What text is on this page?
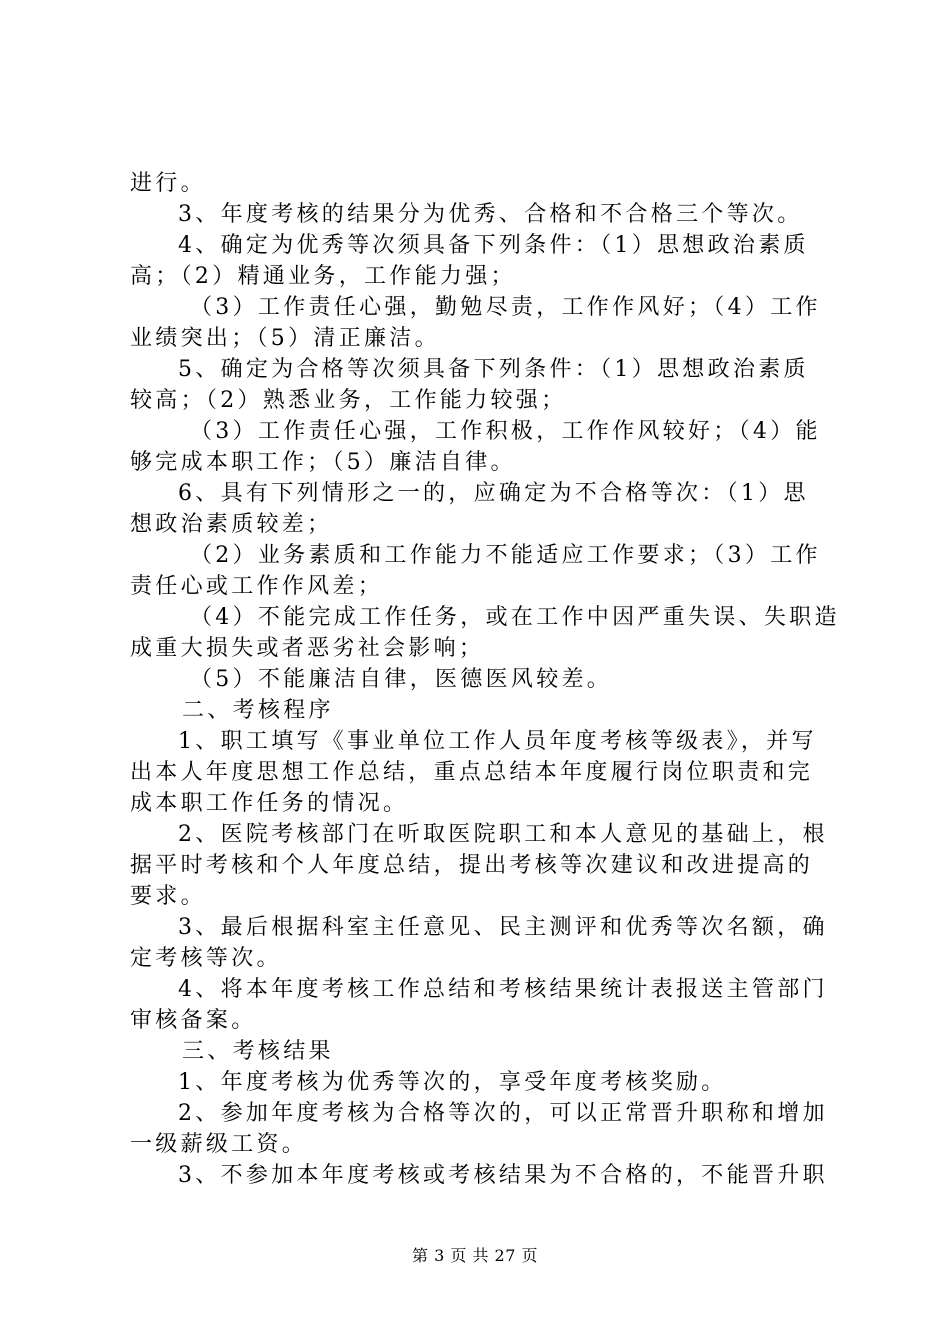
进行。
3、年度考核的结果分为优秀、合格和不合格三个等次。
4、确定为优秀等次须具备下列条件：（1）思想政治素质
高；（2）精通业务，工作能力强；
（3）工作责任心强，勤勉尽责，工作作风好；（4）工作
业绩突出；（5）清正廉洁。
5、确定为合格等次须具备下列条件：（1）思想政治素质
较高；（2）熟悉业务，工作能力较强；
（3）工作责任心强，工作积极，工作作风较好；（4）能
够完成本职工作；（5）廉洁自律。
6、具有下列情形之一的，应确定为不合格等次：（1）思
想政治素质较差；
（2）业务素质和工作能力不能适应工作要求；（3）工作
责任心或工作作风差；
（4）不能完成工作任务，或在工作中因严重失误、失职造
成重大损失或者恶劣社会影响；
（5）不能廉洁自律，医德医风较差。
二、考核程序
1、职工填写《事业单位工作人员年度考核等级表》，并写
出本人年度思想工作总结，重点总结本年度履行岗位职责和完
成本职工作任务的情况。
2、医院考核部门在听取医院职工和本人意见的基础上，根
据平时考核和个人年度总结，提出考核等次建议和改进提高的
要求。
3、最后根据科室主任意见、民主测评和优秀等次名额，确
定考核等次。
4、将本年度考核工作总结和考核结果统计表报送主管部门
审核备案。
三、考核结果
1、年度考核为优秀等次的，享受年度考核奖励。
2、参加年度考核为合格等次的，可以正常晋升职称和增加
一级薪级工资。
3、不参加本年度考核或考核结果为不合格的，不能晋升职
第 3 页 共 27 页
